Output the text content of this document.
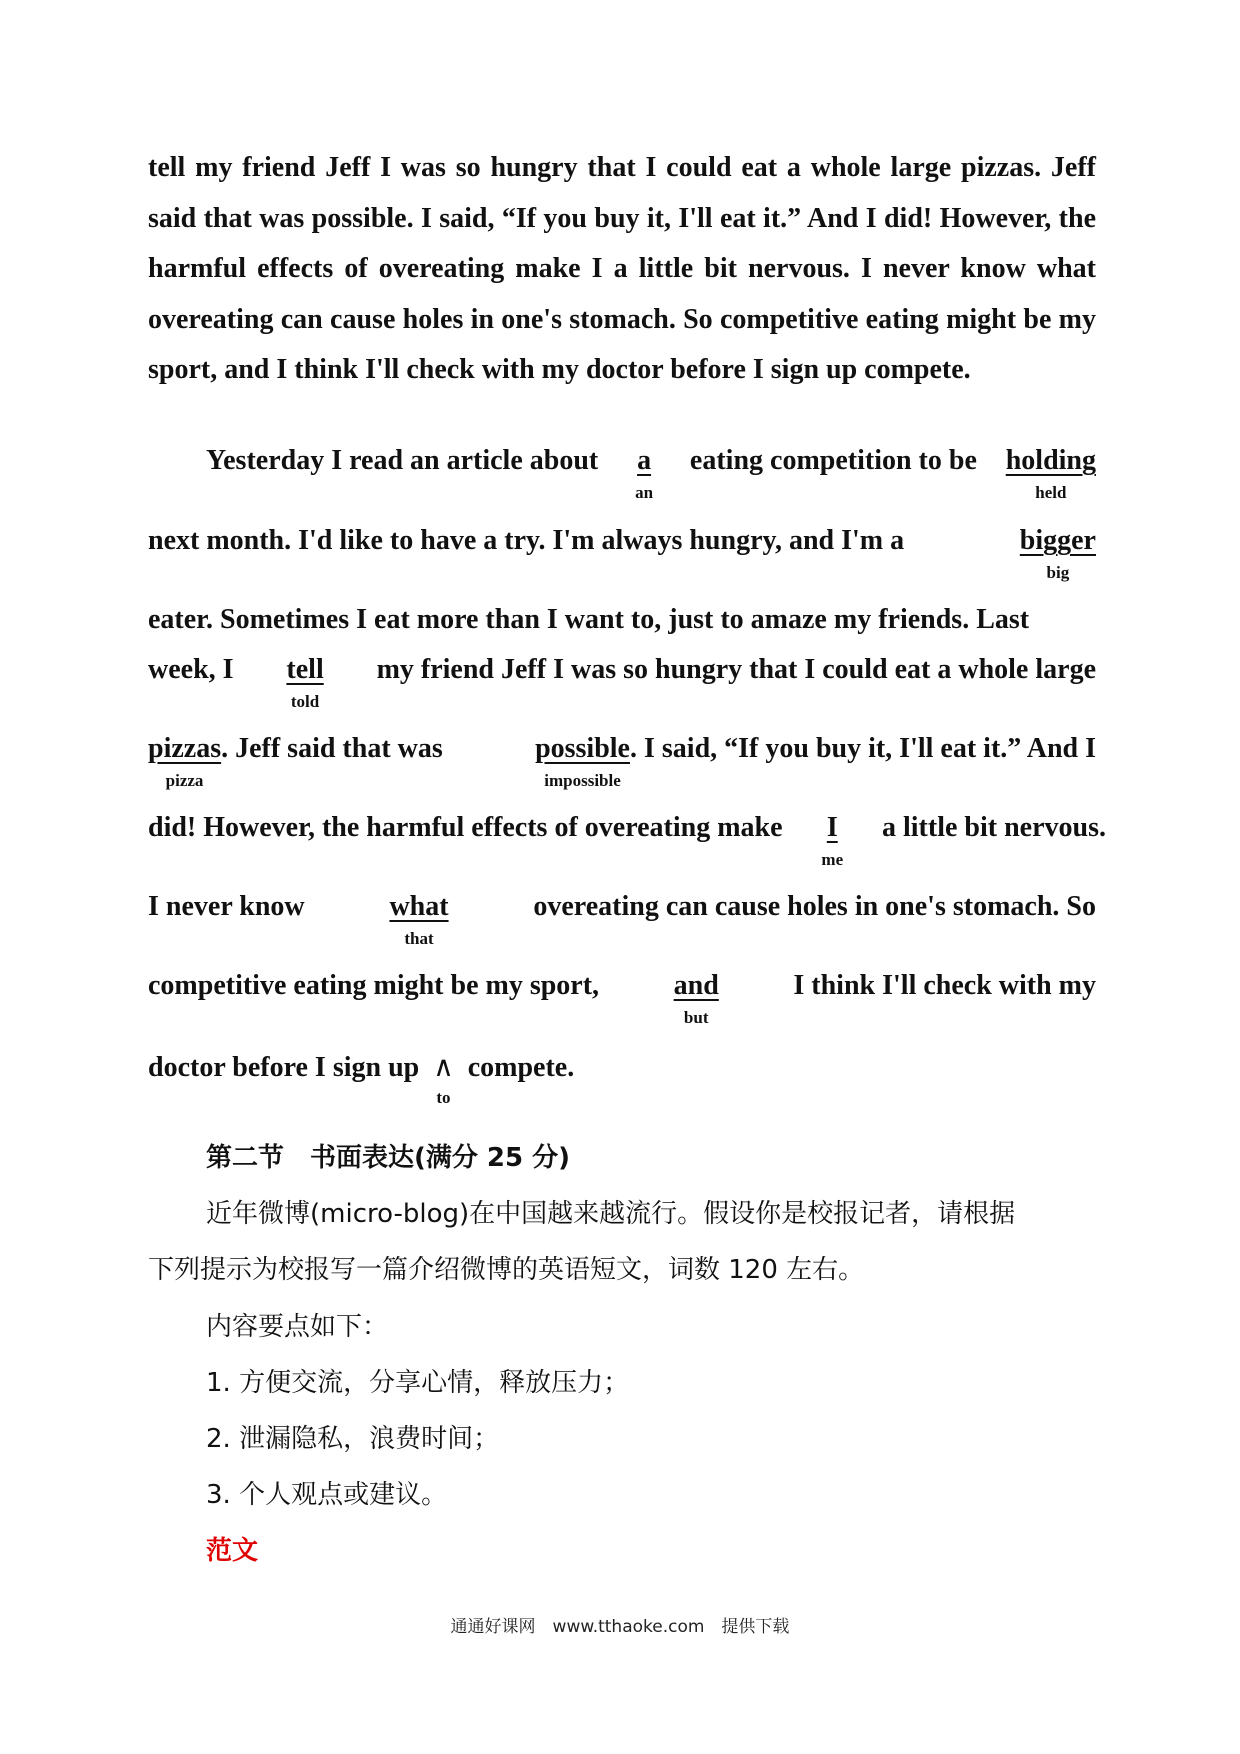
tell my friend Jeff I was so hungry that I could eat a whole large pizzas. Jeff said that was possible. I said, “If you buy it, I'll eat it.” And I did! However, the harmful effects of overeating make I a little bit nervous. I never know what overeating can cause holes in one's stomach. So competitive eating might be my sport, and I think I'll check with my doctor before I sign up compete.
Yesterday I read an article about a
an
eating competition to be holding
held
next month. I'd like to have a try. I'm always hungry, and I'm a	bigger
big
eater. Sometimes I eat more than I want to, just to amaze my friends. Last
week, I tell
told
my friend Jeff I was so hungry that I could eat a whole large
pizzas
pizza
. Jeff said that was	possible
impossible
. I said, “If you buy it, I'll eat it.” And I
did! However, the harmful effects of overeating make I
me
a little bit nervous.
I never know	what
that
overeating can cause holes in one's stomach. So
competitive eating might be my sport,	and
but
I think I'll check with my
doctor before I sign up ∧
to
compete.
第二节　书面表达(满分 25 分)
近年微博(micro-blog)在中国越来越流行。假设你是校报记者，请根据
下列提示为校报写一篇介绍微博的英语短文，词数 120 左右。
内容要点如下：
1. 方便交流，分享心情，释放压力；
2. 泄漏隐私，浪费时间；
3. 个人观点或建议。
范文
通通好课网　www.tthaoke.com　提供下载
